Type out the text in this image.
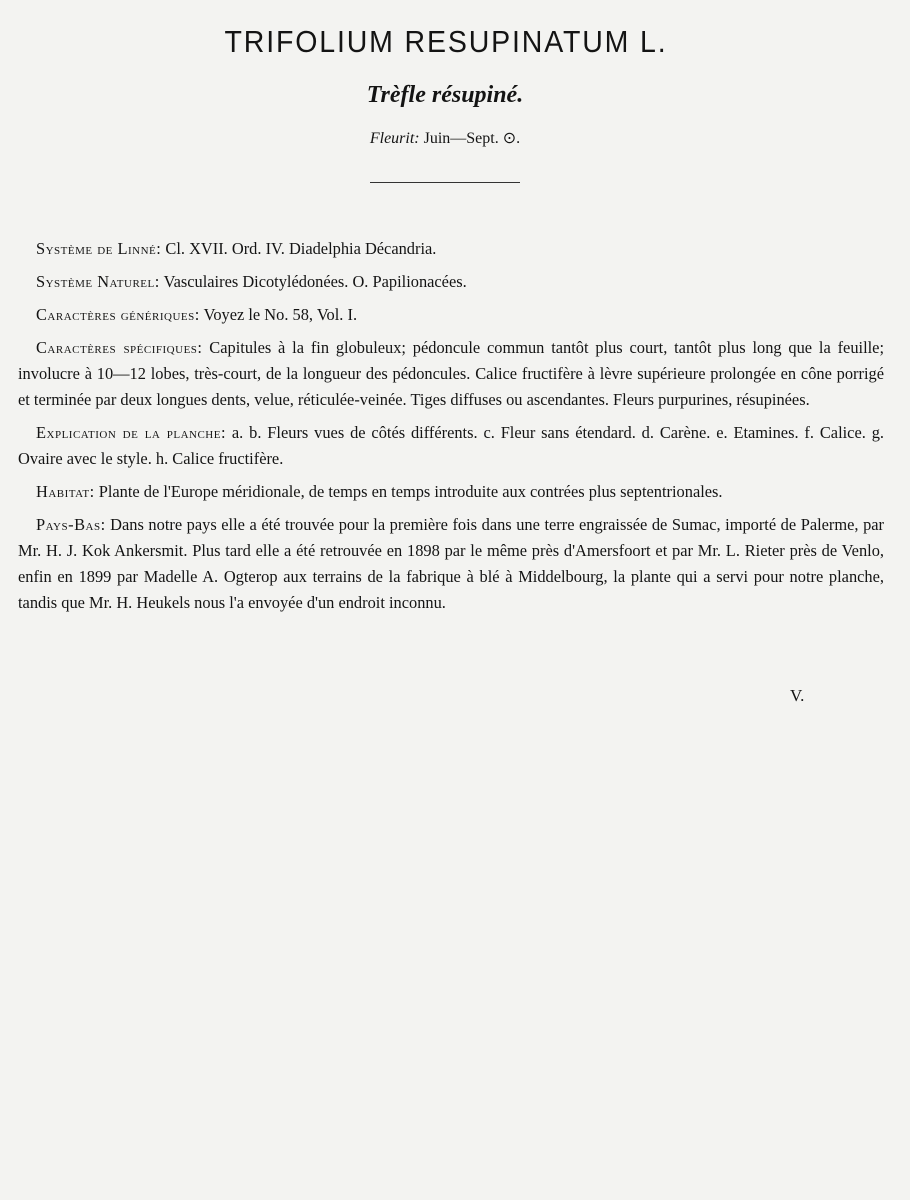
TRIFOLIUM RESUPINATUM L.
Trèfle résupiné.
Fleurit: Juin—Sept. ⊙.

Système de Linné: Cl. XVII. Ord. IV. Diadelphia Décandria.

Système Naturel: Vasculaires Dicotylédonées. O. Papilionacées.

Caractères génériques: Voyez le No. 58, Vol. I.

Caractères spécifiques: Capitules à la fin globuleux; pédoncule commun tantôt plus court, tantôt plus long que la feuille; involucre à 10—12 lobes, très-court, de la longueur des pédoncules. Calice fructifère à lèvre supérieure prolongée en cône porrigé et terminée par deux longues dents, velue, réticulée-veinée. Tiges diffuses ou ascendantes. Fleurs purpurines, résupinées.

Explication de la planche: a. b. Fleurs vues de côtés différents. c. Fleur sans étendard. d. Carène. e. Etamines. f. Calice. g. Ovaire avec le style. h. Calice fructifère.

Habitat: Plante de l'Europe méridionale, de temps en temps introduite aux contrées plus septentrionales.

Pays-Bas: Dans notre pays elle a été trouvée pour la première fois dans une terre engraissée de Sumac, importé de Palerme, par Mr. H. J. Kok Ankersmit. Plus tard elle a été retrouvée en 1898 par le même près d'Amersfoort et par Mr. L. Rieter près de Venlo, enfin en 1899 par Madelle A. Ogterop aux terrains de la fabrique à blé à Middelbourg, la plante qui a servi pour notre planche, tandis que Mr. H. Heukels nous l'a envoyée d'un endroit inconnu.

V.
